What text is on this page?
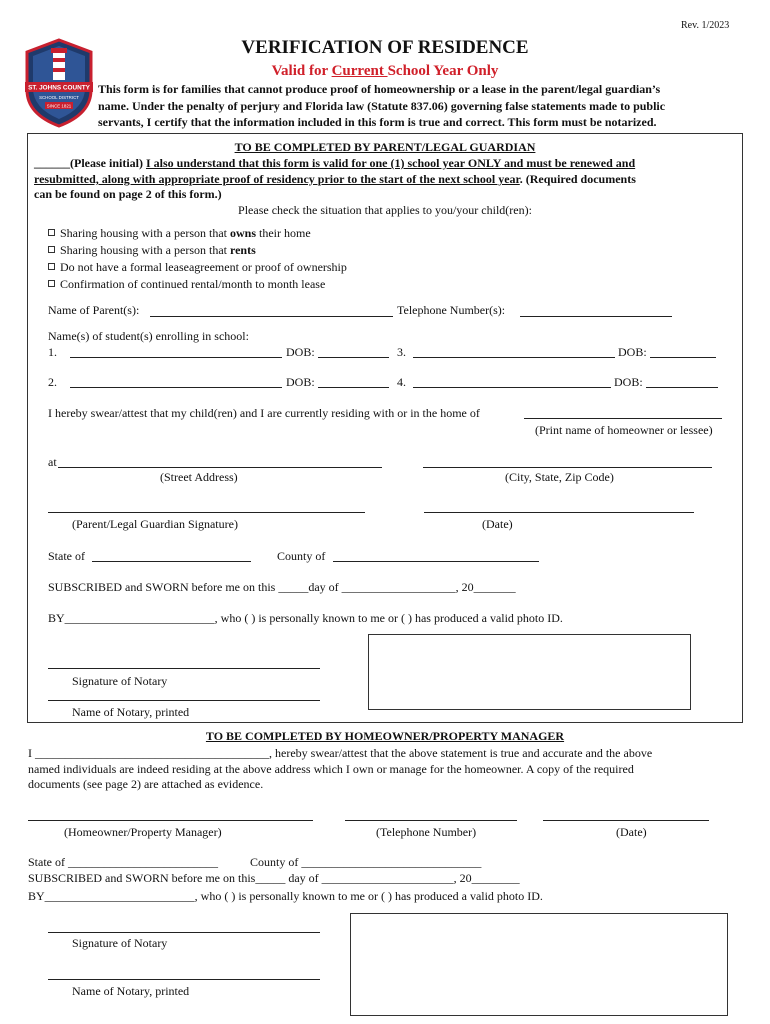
ST. JOHNS COUNTY
SCHOOL DISTRICT
SINCE 1821
Rev. 1/2023
VERIFICATION OF RESIDENCE
Valid for Current School Year Only
This form is for families that cannot produce proof of homeownership or a lease in the parent/legal guardian’s
name. Under the penalty of perjury and Florida law (Statute 837.06) governing false statements made to public
servants, I certify that the information included in this form is true and correct. This form must be notarized.
TO BE COMPLETED BY PARENT/LEGAL GUARDIAN
______(Please initial) I also understand that this form is valid for one (1) school year ONLY and must be renewed and
resubmitted, along with appropriate proof of residency prior to the start of the next school year. (Required documents
can be found on page 2 of this form.)
Please check the situation that applies to you/your child(ren):
Sharing housing with a person that owns their home
Sharing housing with a person that rents
Do not have a formal leaseagreement or proof of ownership
Confirmation of continued rental/month to month lease
Name of Parent(s):	Telephone Number(s):
Name(s) of student(s) enrolling in school:
1.	DOB:	3.	DOB:
2.	DOB:	4.	DOB:
I hereby swear/attest that my child(ren) and I are currently residing with or in the home of
(Print name of homeowner or lessee)
at
(Street Address)	(City, State, Zip Code)
(Parent/Legal Guardian Signature)	(Date)
State of	County of
SUBSCRIBED and SWORN before me on this _____day of ___________________, 20_______
BY_________________________, who ( ) is personally known to me or ( ) has produced a valid photo ID.
Signature of Notary
Name of Notary, printed
TO BE COMPLETED BY HOMEOWNER/PROPERTY MANAGER
I _______________________________________, hereby swear/attest that the above statement is true and accurate and the above
named individuals are indeed residing at the above address which I own or manage for the homeowner. A copy of the required
documents (see page 2) are attached as evidence.
(Homeowner/Property Manager)	(Telephone Number)	(Date)
State of _________________________	County of ______________________________
SUBSCRIBED and SWORN before me on this_____ day of ______________________, 20________
BY_________________________, who ( ) is personally known to me or ( ) has produced a valid photo ID.
Signature of Notary
Name of Notary, printed
